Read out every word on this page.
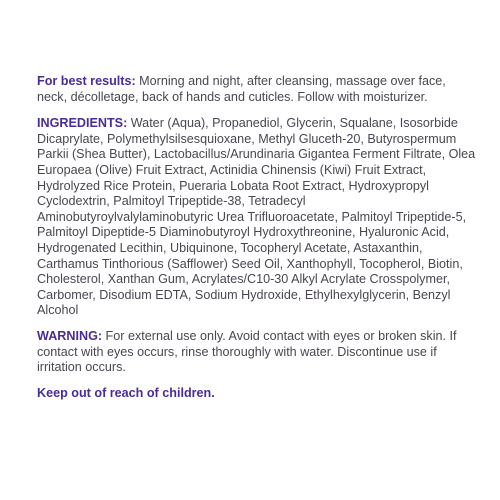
For best results: Morning and night, after cleansing, massage over face, neck, décolletage, back of hands and cuticles. Follow with moisturizer.

INGREDIENTS: Water (Aqua), Propanediol, Glycerin, Squalane, Isosorbide Dicaprylate, Polymethylsilsesquioxane, Methyl Gluceth-20, Butyrospermum Parkii (Shea Butter), Lactobacillus/Arundinaria Gigantea Ferment Filtrate, Olea Europaea (Olive) Fruit Extract, Actinidia Chinensis (Kiwi) Fruit Extract, Hydrolyzed Rice Protein, Pueraria Lobata Root Extract, Hydroxypropyl Cyclodextrin, Palmitoyl Tripeptide-38, Tetradecyl Aminobutyroylvalylaminobutyric Urea Trifluoroacetate, Palmitoyl Tripeptide-5, Palmitoyl Dipeptide-5 Diaminobutyroyl Hydroxythreonine, Hyaluronic Acid, Hydrogenated Lecithin, Ubiquinone, Tocopheryl Acetate, Astaxanthin, Carthamus Tinthorious (Safflower) Seed Oil, Xanthophyll, Tocopherol, Biotin, Cholesterol, Xanthan Gum, Acrylates/C10-30 Alkyl Acrylate Crosspolymer, Carbomer, Disodium EDTA, Sodium Hydroxide, Ethylhexylglycerin, Benzyl Alcohol

WARNING: For external use only. Avoid contact with eyes or broken skin. If contact with eyes occurs, rinse thoroughly with water. Discontinue use if irritation occurs.

Keep out of reach of children.
